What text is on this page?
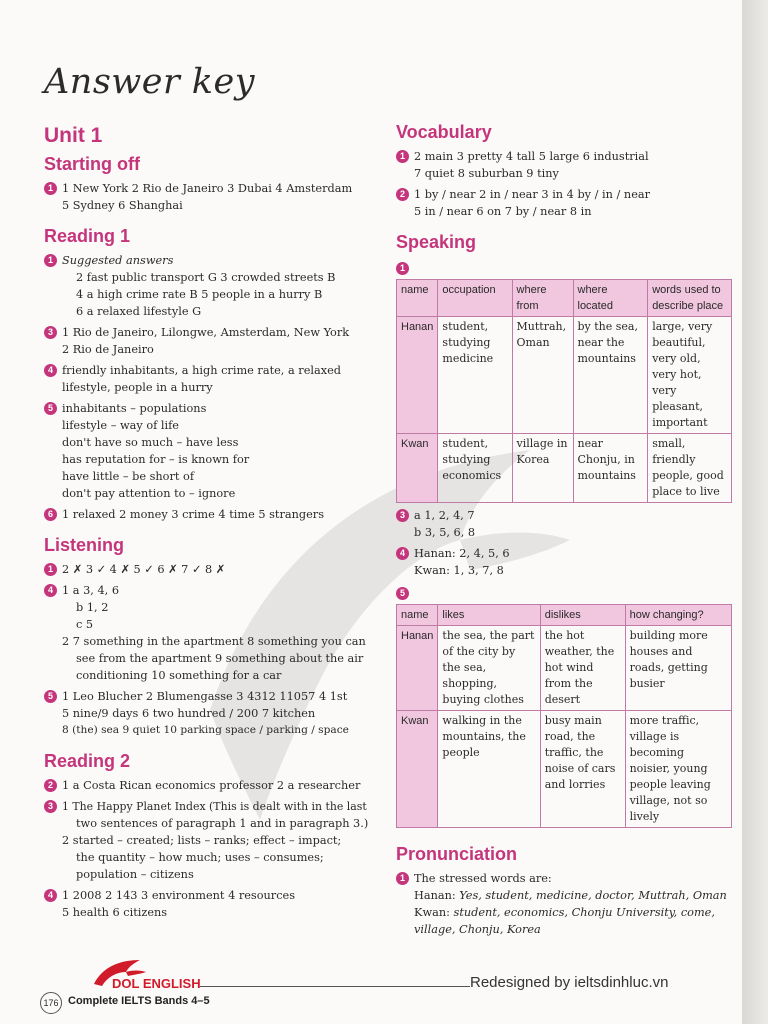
Answer key
Unit 1
Starting off
1 1 New York 2 Rio de Janeiro 3 Dubai 4 Amsterdam
5 Sydney 6 Shanghai
Reading 1
1 Suggested answers
2 fast public transport G 3 crowded streets B
4 a high crime rate B 5 people in a hurry B
6 a relaxed lifestyle G
3 1 Rio de Janeiro, Lilongwe, Amsterdam, New York
2 Rio de Janeiro
4 friendly inhabitants, a high crime rate, a relaxed
lifestyle, people in a hurry
5 inhabitants – populations
lifestyle – way of life
don't have so much – have less
has reputation for – is known for
have little – be short of
don't pay attention to – ignore
6 1 relaxed 2 money 3 crime 4 time 5 strangers
Listening
1 2 ✗ 3 ✓ 4 ✗ 5 ✓ 6 ✗ 7 ✓ 8 ✗
4 1 a 3, 4, 6
b 1, 2
c 5
2 7 something in the apartment 8 something you can
see from the apartment 9 something about the air
conditioning 10 something for a car
5 1 Leo Blucher 2 Blumengasse 3 4312 11057 4 1st
5 nine/9 days 6 two hundred / 200 7 kitchen
8 (the) sea 9 quiet 10 parking space / parking / space
Reading 2
2 1 a Costa Rican economics professor 2 a researcher
3 1 The Happy Planet Index (This is dealt with in the last
two sentences of paragraph 1 and in paragraph 3.)
2 started – created; lists – ranks; effect – impact;
the quantity – how much; uses – consumes;
population – citizens
4 1 2008 2 143 3 environment 4 resources
5 health 6 citizens
Vocabulary
1 2 main 3 pretty 4 tall 5 large 6 industrial
7 quiet 8 suburban 9 tiny
2 1 by / near 2 in / near 3 in 4 by / in / near
5 in / near 6 on 7 by / near 8 in
Speaking
1
name	occupation	where from	where located	words used to describe place
Hanan	student, studying medicine	Muttrah, Oman	by the sea, near the mountains	large, very beautiful, very old, very hot, very pleasant, important
Kwan	student, studying economics	village in Korea	near Chonju, in mountains	small, friendly people, good place to live
3 a 1, 2, 4, 7
b 3, 5, 6, 8
4 Hanan: 2, 4, 5, 6
Kwan: 1, 3, 7, 8
5
name	likes	dislikes	how changing?
Hanan	the sea, the part of the city by the sea, shopping, buying clothes	the hot weather, the hot wind from the desert	building more houses and roads, getting busier
Kwan	walking in the mountains, the people	busy main road, the traffic, the noise of cars and lorries	more traffic, village is becoming noisier, young people leaving village, not so lively
Pronunciation
1 The stressed words are:
Hanan: Yes, student, medicine, doctor, Muttrah, Oman
Kwan: student, economics, Chonju University, come,
village, Chonju, Korea
DOL ENGLISH	Redesigned by ieltsdinhluc.vn
176 Complete IELTS Bands 4–5
